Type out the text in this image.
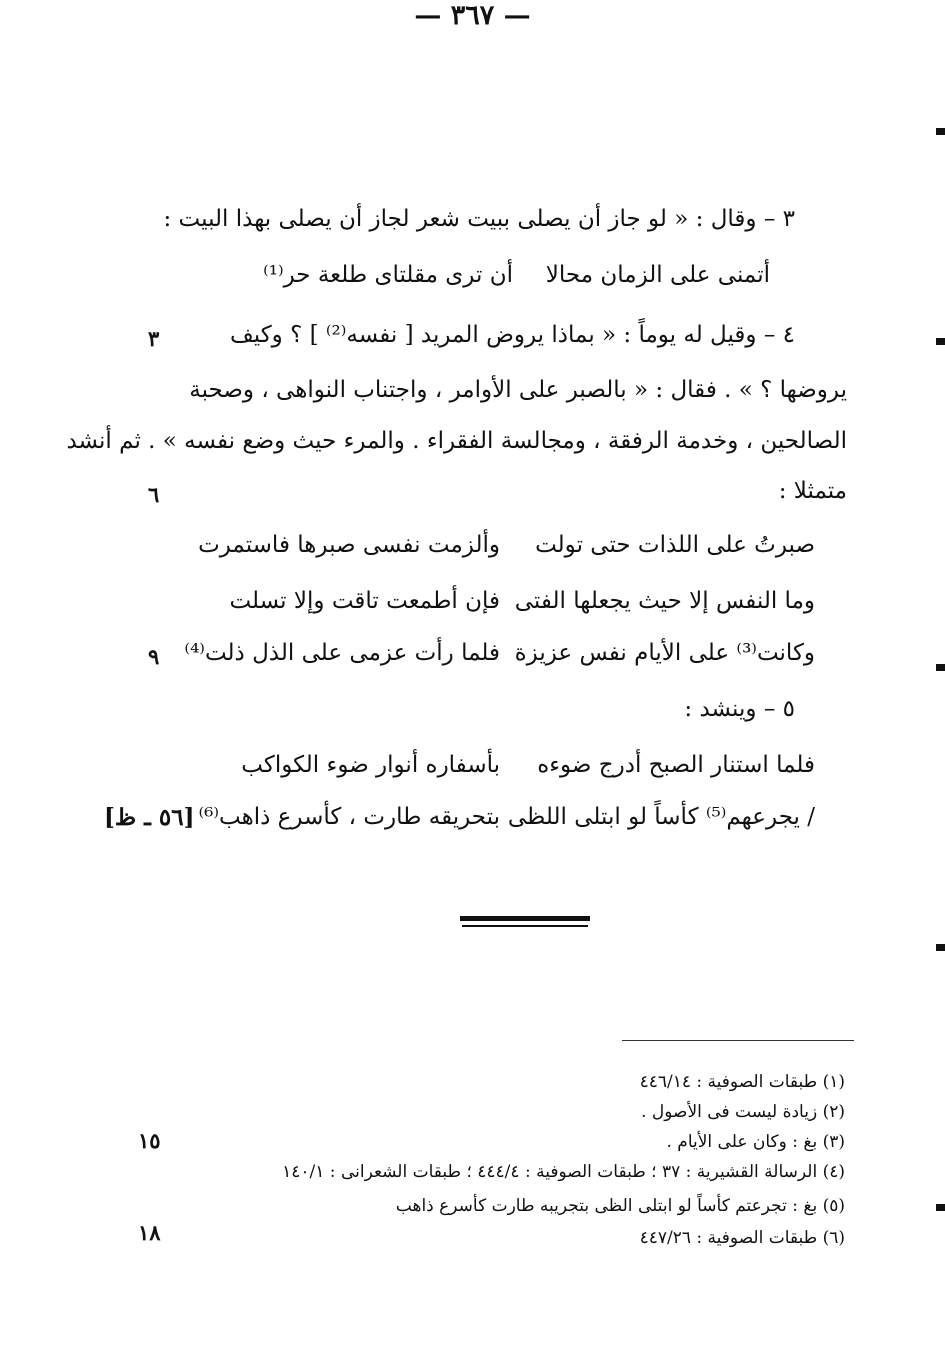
— ٣٦٧ —
٣ – وقال : « لو جاز أن يصلى ببيت شعر لجاز أن يصلى بهذا البيت :
أتمنى على الزمان محالا
أن ترى مقلتاى طلعة حر⁽¹⁾
٤ – وقيل له يوماً : « بماذا يروض المريد [ نفسه⁽²⁾ ] ؟ وكيف
يروضها ؟ » . فقال : « بالصبر على الأوامر ، واجتناب النواهى ، وصحبة
الصالحين ، وخدمة الرفقة ، ومجالسة الفقراء . والمرء حيث وضع نفسه » . ثم أنشد
متمثلا :
صبرتُ على اللذات حتى تولت
وألزمت نفسى صبرها فاستمرت
وما النفس إلا حيث يجعلها الفتى
فإن أطمعت تاقت وإلا تسلت
وكانت⁽³⁾ على الأيام نفس عزيزة
فلما رأت عزمى على الذل ذلت⁽⁴⁾
٥ – وينشد :
فلما استنار الصبح أدرج ضوءه
بأسفاره أنوار ضوء الكواكب
/ يجرعهم⁽⁵⁾ كأساً لو ابتلى اللظى
بتحريقه طارت ، كأسرع ذاهب⁽⁶⁾
[٥٦ ـ ظ]
٣
٦
٩
١٥
١٨
(١) طبقات الصوفية : ٤٤٦/١٤
(٢) زيادة ليست فى الأصول .
(٣) بغ : وكان على الأيام .
(٤) الرسالة القشيرية : ٣٧ ؛ طبقات الصوفية : ٤٤٤/٤ ؛ طبقات الشعرانى : ١٤٠/١
(٥) بغ : تجرعتم كأساً لو ابتلى الظى بتجريبه طارت كأسرع ذاهب
(٦) طبقات الصوفية : ٤٤٧/٢٦
